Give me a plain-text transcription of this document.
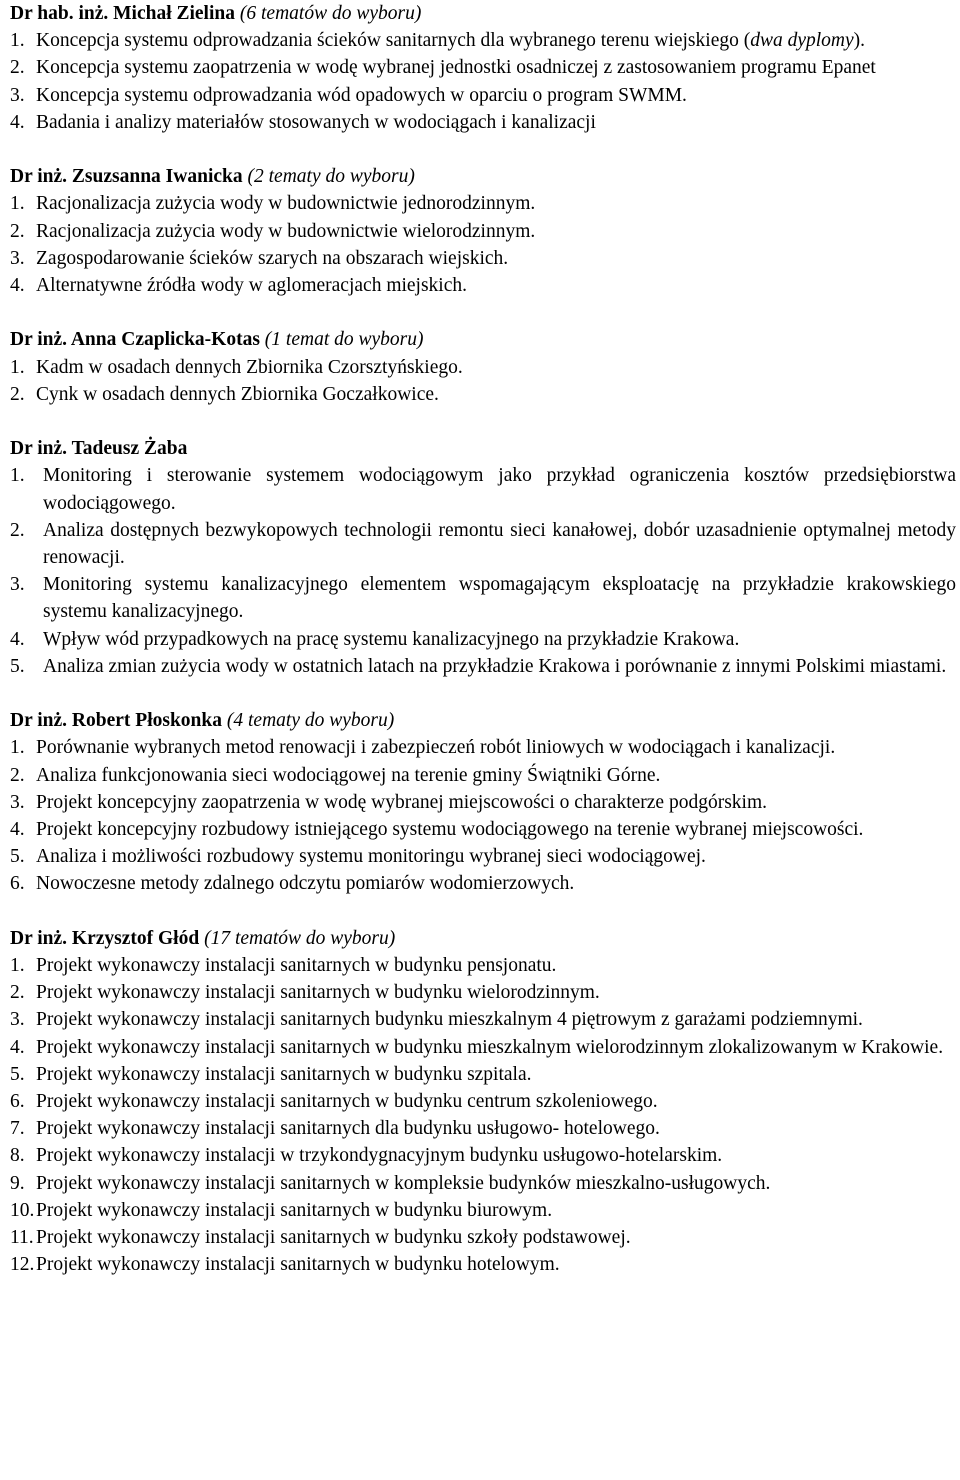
Dr hab. inż. Michał Zielina (6 tematów do wyboru)
1. Koncepcja systemu odprowadzania ścieków sanitarnych dla wybranego terenu wiejskiego (dwa dyplomy).
2. Koncepcja systemu zaopatrzenia w wodę wybranej jednostki osadniczej z zastosowaniem programu Epanet
3. Koncepcja systemu odprowadzania wód opadowych w oparciu o program SWMM.
4. Badania i analizy materiałów stosowanych w wodociągach i kanalizacji
Dr inż. Zsuzsanna Iwanicka (2 tematy do wyboru)
1. Racjonalizacja zużycia wody w budownictwie jednorodzinnym.
2. Racjonalizacja zużycia wody w budownictwie wielorodzinnym.
3. Zagospodarowanie ścieków szarych na obszarach wiejskich.
4. Alternatywne źródła wody w aglomeracjach miejskich.
Dr inż. Anna Czaplicka-Kotas (1 temat do wyboru)
1. Kadm w osadach dennych Zbiornika Czorsztyńskiego.
2. Cynk w osadach dennych Zbiornika Goczałkowice.
Dr inż. Tadeusz Żaba
1. Monitoring i sterowanie systemem wodociągowym jako przykład ograniczenia kosztów przedsiębiorstwa wodociągowego.
2. Analiza dostępnych bezwykopowych technologii remontu sieci kanałowej, dobór uzasadnienie optymalnej metody renowacji.
3. Monitoring systemu kanalizacyjnego elementem wspomagającym eksploatację na przykładzie krakowskiego systemu kanalizacyjnego.
4. Wpływ wód przypadkowych na pracę systemu kanalizacyjnego na przykładzie Krakowa.
5. Analiza zmian zużycia wody w ostatnich latach na przykładzie Krakowa i porównanie z innymi Polskimi miastami.
Dr inż. Robert Płoskonka (4 tematy do wyboru)
1. Porównanie wybranych metod renowacji i zabezpieczeń robót liniowych w wodociągach i kanalizacji.
2. Analiza funkcjonowania sieci wodociągowej na terenie gminy Świątniki Górne.
3. Projekt koncepcyjny zaopatrzenia w wodę wybranej miejscowości o charakterze podgórskim.
4. Projekt koncepcyjny rozbudowy istniejącego systemu wodociągowego na terenie wybranej miejscowości.
5. Analiza i możliwości rozbudowy systemu monitoringu wybranej sieci wodociągowej.
6. Nowoczesne metody zdalnego odczytu pomiarów wodomierzowych.
Dr inż. Krzysztof Głód (17 tematów do wyboru)
1. Projekt wykonawczy instalacji sanitarnych w budynku pensjonatu.
2. Projekt wykonawczy instalacji sanitarnych w budynku wielorodzinnym.
3. Projekt wykonawczy instalacji sanitarnych budynku mieszkalnym 4 piętrowym z garażami podziemnymi.
4. Projekt wykonawczy instalacji sanitarnych w budynku mieszkalnym wielorodzinnym zlokalizowanym w Krakowie.
5. Projekt wykonawczy instalacji sanitarnych w budynku szpitala.
6. Projekt wykonawczy instalacji sanitarnych w budynku centrum szkoleniowego.
7. Projekt wykonawczy instalacji sanitarnych dla budynku usługowo- hotelowego.
8. Projekt wykonawczy instalacji w trzykondygnacyjnym budynku usługowo-hotelarskim.
9. Projekt wykonawczy instalacji sanitarnych w kompleksie budynków mieszkalno-usługowych.
10. Projekt wykonawczy instalacji sanitarnych w budynku biurowym.
11. Projekt wykonawczy instalacji sanitarnych w budynku szkoły podstawowej.
12. Projekt wykonawczy instalacji sanitarnych w budynku hotelowym.
